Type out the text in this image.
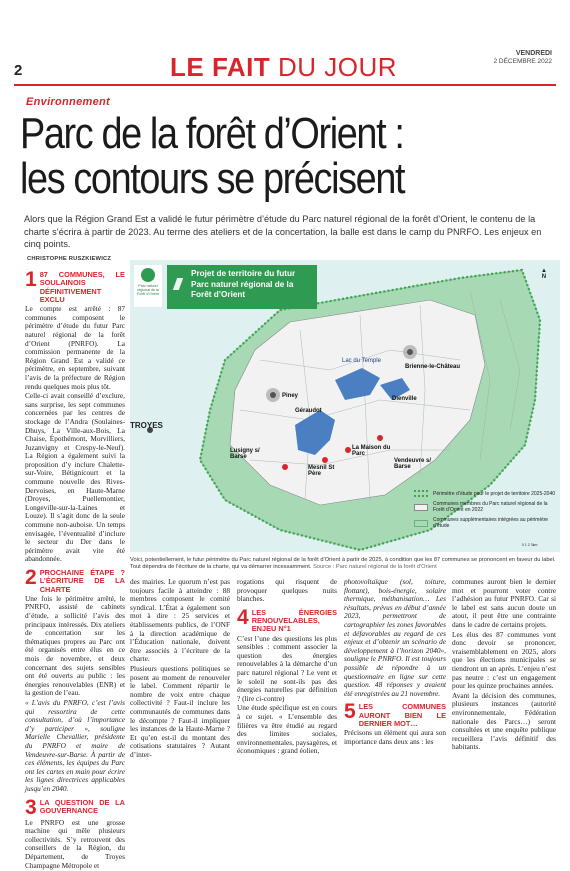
2	LE FAIT DU JOUR	VENDREDI
2 DÉCEMBRE 2022
Environnement
Parc de la forêt d’Orient :
les contours se précisent
Alors que la Région Grand Est a validé le futur périmètre d’étude du Parc naturel régional de la forêt d’Orient, le contenu de la charte s’écrira à partir de 2023. Au terme des ateliers et de la concertation, la balle est dans le camp du PNRFO. Les enjeux en cinq points.
CHRISTOPHE RUSZKIEWICZ
1 87 COMMUNES, LE SOULAINOIS DÉFINITIVEMENT EXCLU

Le compte est arrêté : 87 communes composent le périmètre d’étude du futur Parc naturel régional de la forêt d’Orient (PNRFO). La commission permanente de la Région Grand Est a validé ce périmètre, en septembre, suivant l’avis de la préfecture de Région rendu quelques mois plus tôt.

Celle-ci avait conseillé d’exclure, sans surprise, les sept communes concernées par les centres de stockage de l’Andra (Soulaines-Dhuys, La Ville-aux-Bois, La Chaise, Épothémont, Morvilliers, Juzanvigny et Crespy-le-Neuf). La Région a également suivi la proposition d’y inclure Chalette-sur-Voire, Bétignicourt et la commune nouvelle des Rives-Dervoises, en Haute-Marne (Droyes, Puellemontier, Longeville-sur-la-Laines et Louze). Il s’agit donc de la seule commune non-auboise. Un temps envisagée, l’éventualité d’inclure le secteur du Der dans le périmètre avait vite été abandonnée.

2 PROCHAINE ÉTAPE ? L’ÉCRITURE DE LA CHARTE

Une fois le périmètre arrêté, le PNRFO, assisté de cabinets d’étude, a sollicité l’avis des principaux intéressés. Dix ateliers de concertation sur les thématiques propres au Parc ont été organisés entre élus en ce mois de novembre, et deux concernant des sujets sensibles ont été ouverts au public : les énergies renouvelables (ENR) et la gestion de l’eau.

« L’avis du PNRFO, c’est l’avis qui ressortira de cette consultation, d’où l’importance d’y participer », souligne Marielle Chevallier, présidente du PNRFO et maire de Vendeuvre-sur-Barse. À partir de ces éléments, les équipes du Parc ont les cartes en main pour écrire les lignes directrices applicables jusqu’en 2040.

3 LA QUESTION DE LA GOUVERNANCE

Le PNRFO est une grosse machine qui mêle plusieurs collectivités. S’y retrouvent des conseillers de la Région, du Département, de Troyes Champagne Métropole et

Parc naturel régional de la Forêt d’Orient
Projet de territoire du futur Parc naturel régional de la Forêt d’Orient
▲
N
TROYES
Brienne-le-Château
Piney	Dienville
Géraudot
Lusigny s/ Barse
Mesnil St Père
La Maison du Parc
Vendeuvre s/ Barse
Lac du Temple
Périmètre d’étude pour le projet de territoire 2025-2040
Communes membres du Parc naturel régional de la Forêt d’Orient en 2022
Communes supplémentaires intégrées au périmètre d’étude
0 1 2 3km
Voici, potentiellement, le futur périmètre du Parc naturel régional de la forêt d’Orient à partir de 2025, à condition que les 87 communes se prononcent en faveur du label. Tout dépendra de l’écriture de la charte, qui va démarrer incessamment. Source : Parc naturel régional de la forêt d’Orient

des mairies. Le quorum n’est pas toujours facile à atteindre : 88 membres composent le comité syndical. L’État a également son mot à dire : 25 services et établissements publics, de l’ONF à la direction académique de l’Éducation nationale, doivent être associés à l’écriture de la charte.

Plusieurs questions politiques se posent au moment de renouveler le label. Comment répartir le nombre de voix entre chaque collectivité ? Faut-il inclure les communautés de communes dans le décompte ? Faut-il impliquer les instances de la Haute-Marne ? Et qu’en est-il du montant des cotisations statutaires ? Autant d’inter-

rogations qui risquent de provoquer quelques nuits blanches.

4 LES ÉNERGIES RENOUVELABLES, ENJEU N°1

C’est l’une des questions les plus sensibles : comment associer la question des énergies renouvelables à la démarche d’un parc naturel régional ? Le vent et le soleil ne sont-ils pas des énergies naturelles par définition ? (lire ci-contre)

Une étude spécifique est en cours à ce sujet. « L’ensemble des filières va être étudié au regard des limites sociales, environnementales, paysagères, et économiques : grand éolien,

photovoltaïque (sol, toiture, flottant), bois-énergie, solaire thermique, méthanisation… Les résultats, prévus en début d’année 2023, permettront de cartographier les zones favorables et défavorables au regard de ces enjeux et d’obtenir un scénario de développement à l’horizon 2040», souligne le PNRFO. Il est toujours possible de répondre à un questionnaire en ligne sur cette question. 48 réponses y avaient été enregistrées au 21 novembre.

5 LES COMMUNES AURONT BIEN LE DERNIER MOT…

Précisons un élément qui aura son importance dans deux ans : les

communes auront bien le dernier mot et pourront voter contre l’adhésion au futur PNRFO. Car si le label est sans aucun doute un atout, il peut être une contrainte dans le cadre de certains projets.

Les élus des 87 communes vont donc devoir se prononcer, vraisemblablement en 2025, alors que les élections municipales se tiendront un an après. L’enjeu n’est pas neutre : c’est un engagement pour les quinze prochaines années.

Avant la décision des communes, plusieurs instances (autorité environnementale, Fédération nationale des Parcs…) seront consultées et une enquête publique recueillera l’avis définitif des habitants.
